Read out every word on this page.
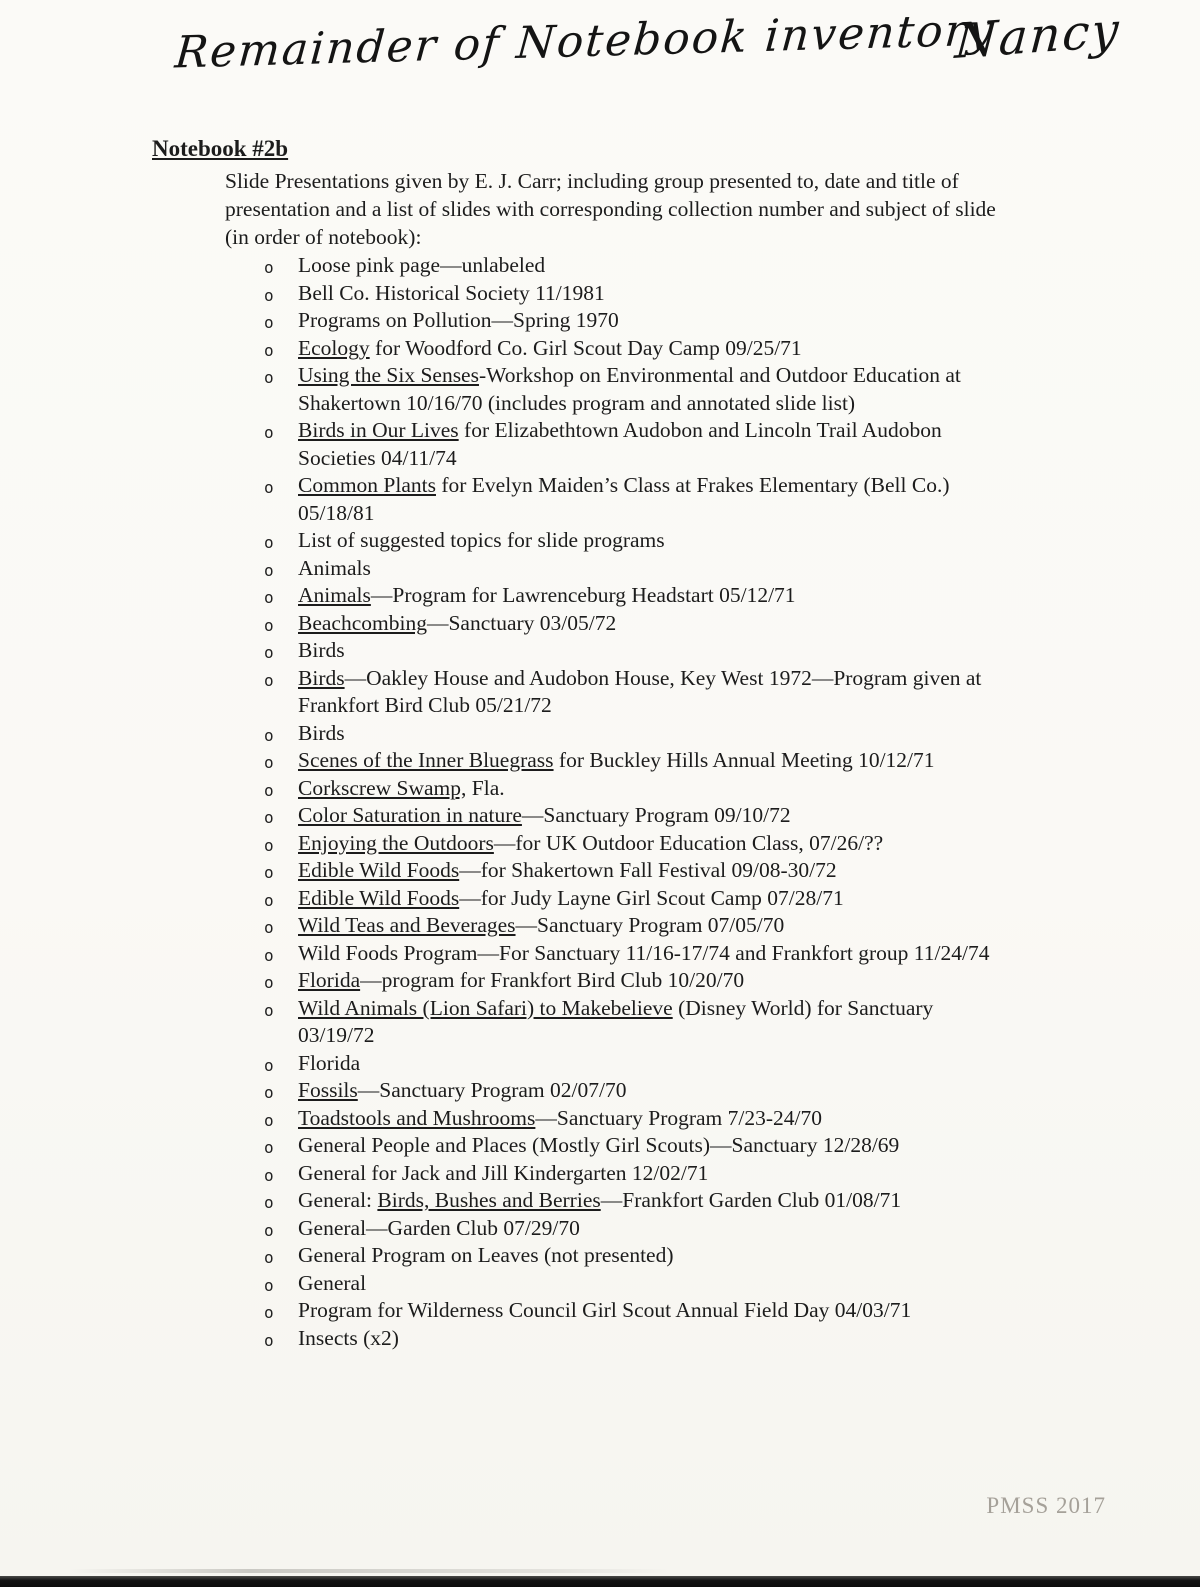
Remainder of Notebook inventory
Nancy
Notebook #2b
Slide Presentations given by E. J. Carr; including group presented to, date and title of presentation and a list of slides with corresponding collection number and subject of slide (in order of notebook):
o Loose pink page—unlabeled
o Bell Co. Historical Society 11/1981
o Programs on Pollution—Spring 1970
o Ecology for Woodford Co. Girl Scout Day Camp 09/25/71
o Using the Six Senses-Workshop on Environmental and Outdoor Education at Shakertown 10/16/70 (includes program and annotated slide list)
o Birds in Our Lives for Elizabethtown Audobon and Lincoln Trail Audobon Societies 04/11/74
o Common Plants for Evelyn Maiden’s Class at Frakes Elementary (Bell Co.) 05/18/81
o List of suggested topics for slide programs
o Animals
o Animals—Program for Lawrenceburg Headstart 05/12/71
o Beachcombing—Sanctuary 03/05/72
o Birds
o Birds—Oakley House and Audobon House, Key West 1972—Program given at Frankfort Bird Club 05/21/72
o Birds
o Scenes of the Inner Bluegrass for Buckley Hills Annual Meeting 10/12/71
o Corkscrew Swamp, Fla.
o Color Saturation in nature—Sanctuary Program 09/10/72
o Enjoying the Outdoors—for UK Outdoor Education Class, 07/26/??
o Edible Wild Foods—for Shakertown Fall Festival 09/08-30/72
o Edible Wild Foods—for Judy Layne Girl Scout Camp 07/28/71
o Wild Teas and Beverages—Sanctuary Program 07/05/70
o Wild Foods Program—For Sanctuary 11/16-17/74 and Frankfort group 11/24/74
o Florida—program for Frankfort Bird Club 10/20/70
o Wild Animals (Lion Safari) to Makebelieve (Disney World) for Sanctuary 03/19/72
o Florida
o Fossils—Sanctuary Program 02/07/70
o Toadstools and Mushrooms—Sanctuary Program 7/23-24/70
o General People and Places (Mostly Girl Scouts)—Sanctuary 12/28/69
o General for Jack and Jill Kindergarten 12/02/71
o General: Birds, Bushes and Berries—Frankfort Garden Club 01/08/71
o General—Garden Club 07/29/70
o General Program on Leaves (not presented)
o General
o Program for Wilderness Council Girl Scout Annual Field Day 04/03/71
o Insects (x2)
PMSS 2017
